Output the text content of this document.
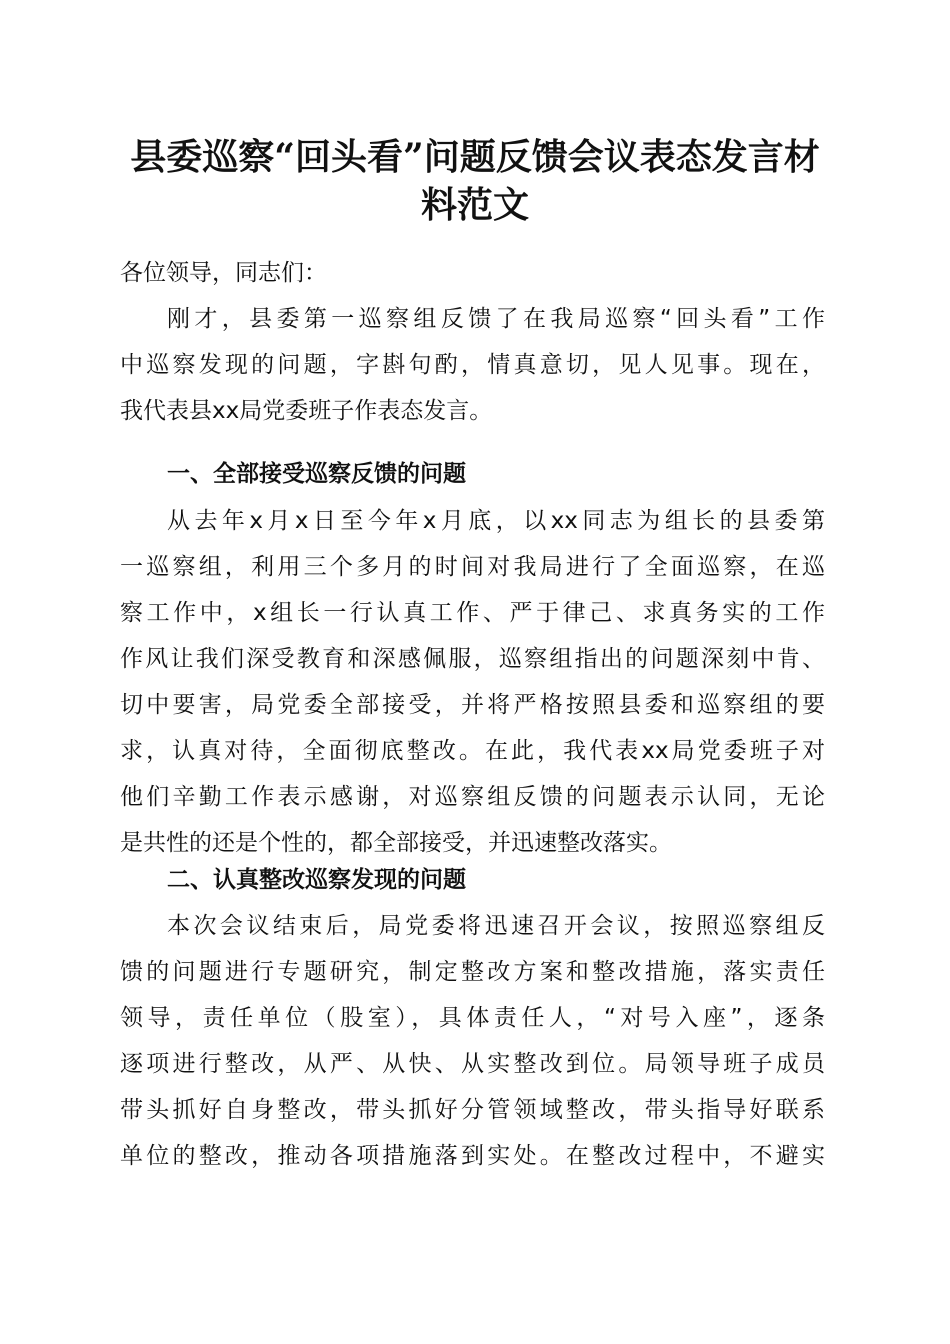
县委巡察“回头看”问题反馈会议表态发言材
料范文
各位领导，同志们：
刚才，县委第一巡察组反馈了在我局巡察“回头看”工作
中巡察发现的问题，字斟句酌，情真意切，见人见事。现在，
我代表县xx局党委班子作表态发言。
一、全部接受巡察反馈的问题
从去年x月x日至今年x月底，以xx同志为组长的县委第
一巡察组，利用三个多月的时间对我局进行了全面巡察，在巡
察工作中，x组长一行认真工作、严于律己、求真务实的工作
作风让我们深受教育和深感佩服，巡察组指出的问题深刻中肯、
切中要害，局党委全部接受，并将严格按照县委和巡察组的要
求，认真对待，全面彻底整改。在此，我代表xx局党委班子对
他们辛勤工作表示感谢，对巡察组反馈的问题表示认同，无论
是共性的还是个性的，都全部接受，并迅速整改落实。
二、认真整改巡察发现的问题
本次会议结束后，局党委将迅速召开会议，按照巡察组反
馈的问题进行专题研究，制定整改方案和整改措施，落实责任
领导，责任单位（股室），具体责任人，“对号入座”，逐条
逐项进行整改，从严、从快、从实整改到位。局领导班子成员
带头抓好自身整改，带头抓好分管领域整改，带头指导好联系
单位的整改，推动各项措施落到实处。在整改过程中，不避实
